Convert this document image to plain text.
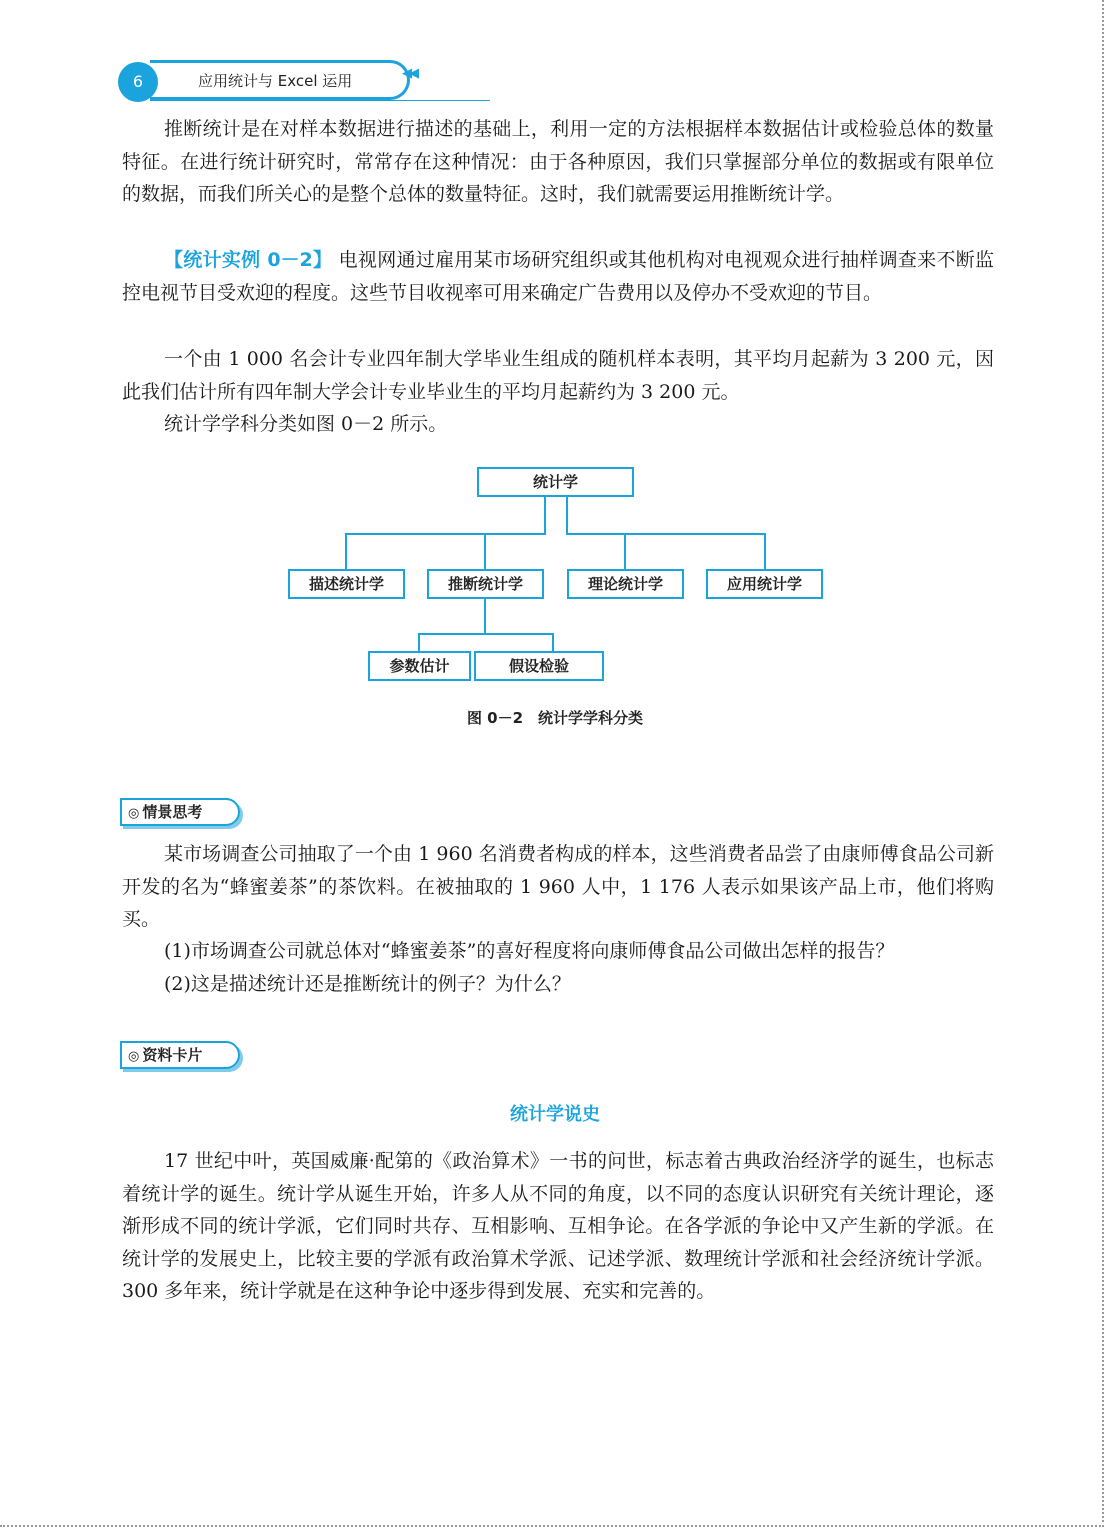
6	应用统计与 Excel 运用	◀◀

推断统计是在对样本数据进行描述的基础上，利用一定的方法根据样本数据估计或检验总体的数量特征。在进行统计研究时，常常存在这种情况：由于各种原因，我们只掌握部分单位的数据或有限单位的数据，而我们所关心的是整个总体的数量特征。这时，我们就需要运用推断统计学。

【统计实例 0－2】 电视网通过雇用某市场研究组织或其他机构对电视观众进行抽样调查来不断监控电视节目受欢迎的程度。这些节目收视率可用来确定广告费用以及停办不受欢迎的节目。

一个由 1 000 名会计专业四年制大学毕业生组成的随机样本表明，其平均月起薪为 3 200 元，因此我们估计所有四年制大学会计专业毕业生的平均月起薪约为 3 200 元。

统计学学科分类如图 0－2 所示。

统计学
描述统计学	推断统计学	理论统计学	应用统计学
参数估计	假设检验
图 0－2　统计学学科分类
◎ 情景思考

某市场调查公司抽取了一个由 1 960 名消费者构成的样本，这些消费者品尝了由康师傅食品公司新开发的名为“蜂蜜姜茶”的茶饮料。在被抽取的 1 960 人中，1 176 人表示如果该产品上市，他们将购买。

(1)市场调查公司就总体对“蜂蜜姜茶”的喜好程度将向康师傅食品公司做出怎样的报告？

(2)这是描述统计还是推断统计的例子？为什么？

◎ 资料卡片
统计学说史

17 世纪中叶，英国威廉·配第的《政治算术》一书的问世，标志着古典政治经济学的诞生，也标志着统计学的诞生。统计学从诞生开始，许多人从不同的角度，以不同的态度认识研究有关统计理论，逐渐形成不同的统计学派，它们同时共存、互相影响、互相争论。在各学派的争论中又产生新的学派。在统计学的发展史上，比较主要的学派有政治算术学派、记述学派、数理统计学派和社会经济统计学派。300 多年来，统计学就是在这种争论中逐步得到发展、充实和完善的。
